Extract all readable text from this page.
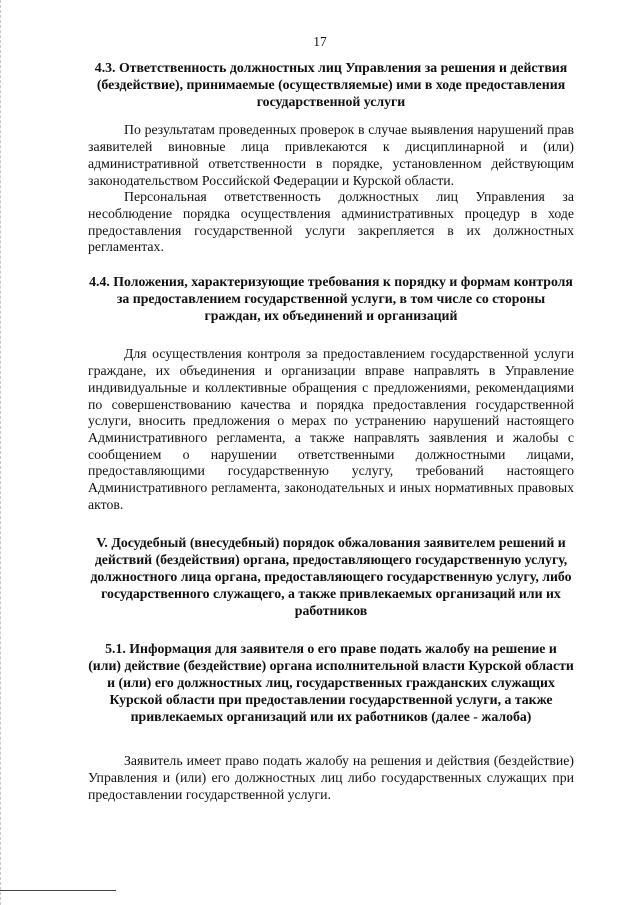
17
4.3. Ответственность должностных лиц Управления за решения и действия (бездействие), принимаемые (осуществляемые) ими в ходе предоставления государственной услуги

По результатам проведенных проверок в случае выявления нарушений прав заявителей виновные лица привлекаются к дисциплинарной и (или) административной ответственности в порядке, установленном действующим законодательством Российской Федерации и Курской области.

Персональная ответственность должностных лиц Управления за несоблюдение порядка осуществления административных процедур в ходе предоставления государственной услуги закрепляется в их должностных регламентах.

4.4. Положения, характеризующие требования к порядку и формам контроля за предоставлением государственной услуги, в том числе со стороны граждан, их объединений и организаций

Для осуществления контроля за предоставлением государственной услуги граждане, их объединения и организации вправе направлять в Управление индивидуальные и коллективные обращения с предложениями, рекомендациями по совершенствованию качества и порядка предоставления государственной услуги, вносить предложения о мерах по устранению нарушений настоящего Административного регламента, а также направлять заявления и жалобы с сообщением о нарушении ответственными должностными лицами, предоставляющими государственную услугу, требований настоящего Административного регламента, законодательных и иных нормативных правовых актов.

V. Досудебный (внесудебный) порядок обжалования заявителем решений и действий (бездействия) органа, предоставляющего государственную услугу, должностного лица органа, предоставляющего государственную услугу, либо государственного служащего, а также привлекаемых организаций или их работников
5.1. Информация для заявителя о его праве подать жалобу на решение и (или) действие (бездействие) органа исполнительной власти Курской области и (или) его должностных лиц, государственных гражданских служащих Курской области при предоставлении государственной услуги, а также привлекаемых организаций или их работников (далее - жалоба)

Заявитель имеет право подать жалобу на решения и действия (бездействие) Управления и (или) его должностных лиц либо государственных служащих при предоставлении государственной услуги.
